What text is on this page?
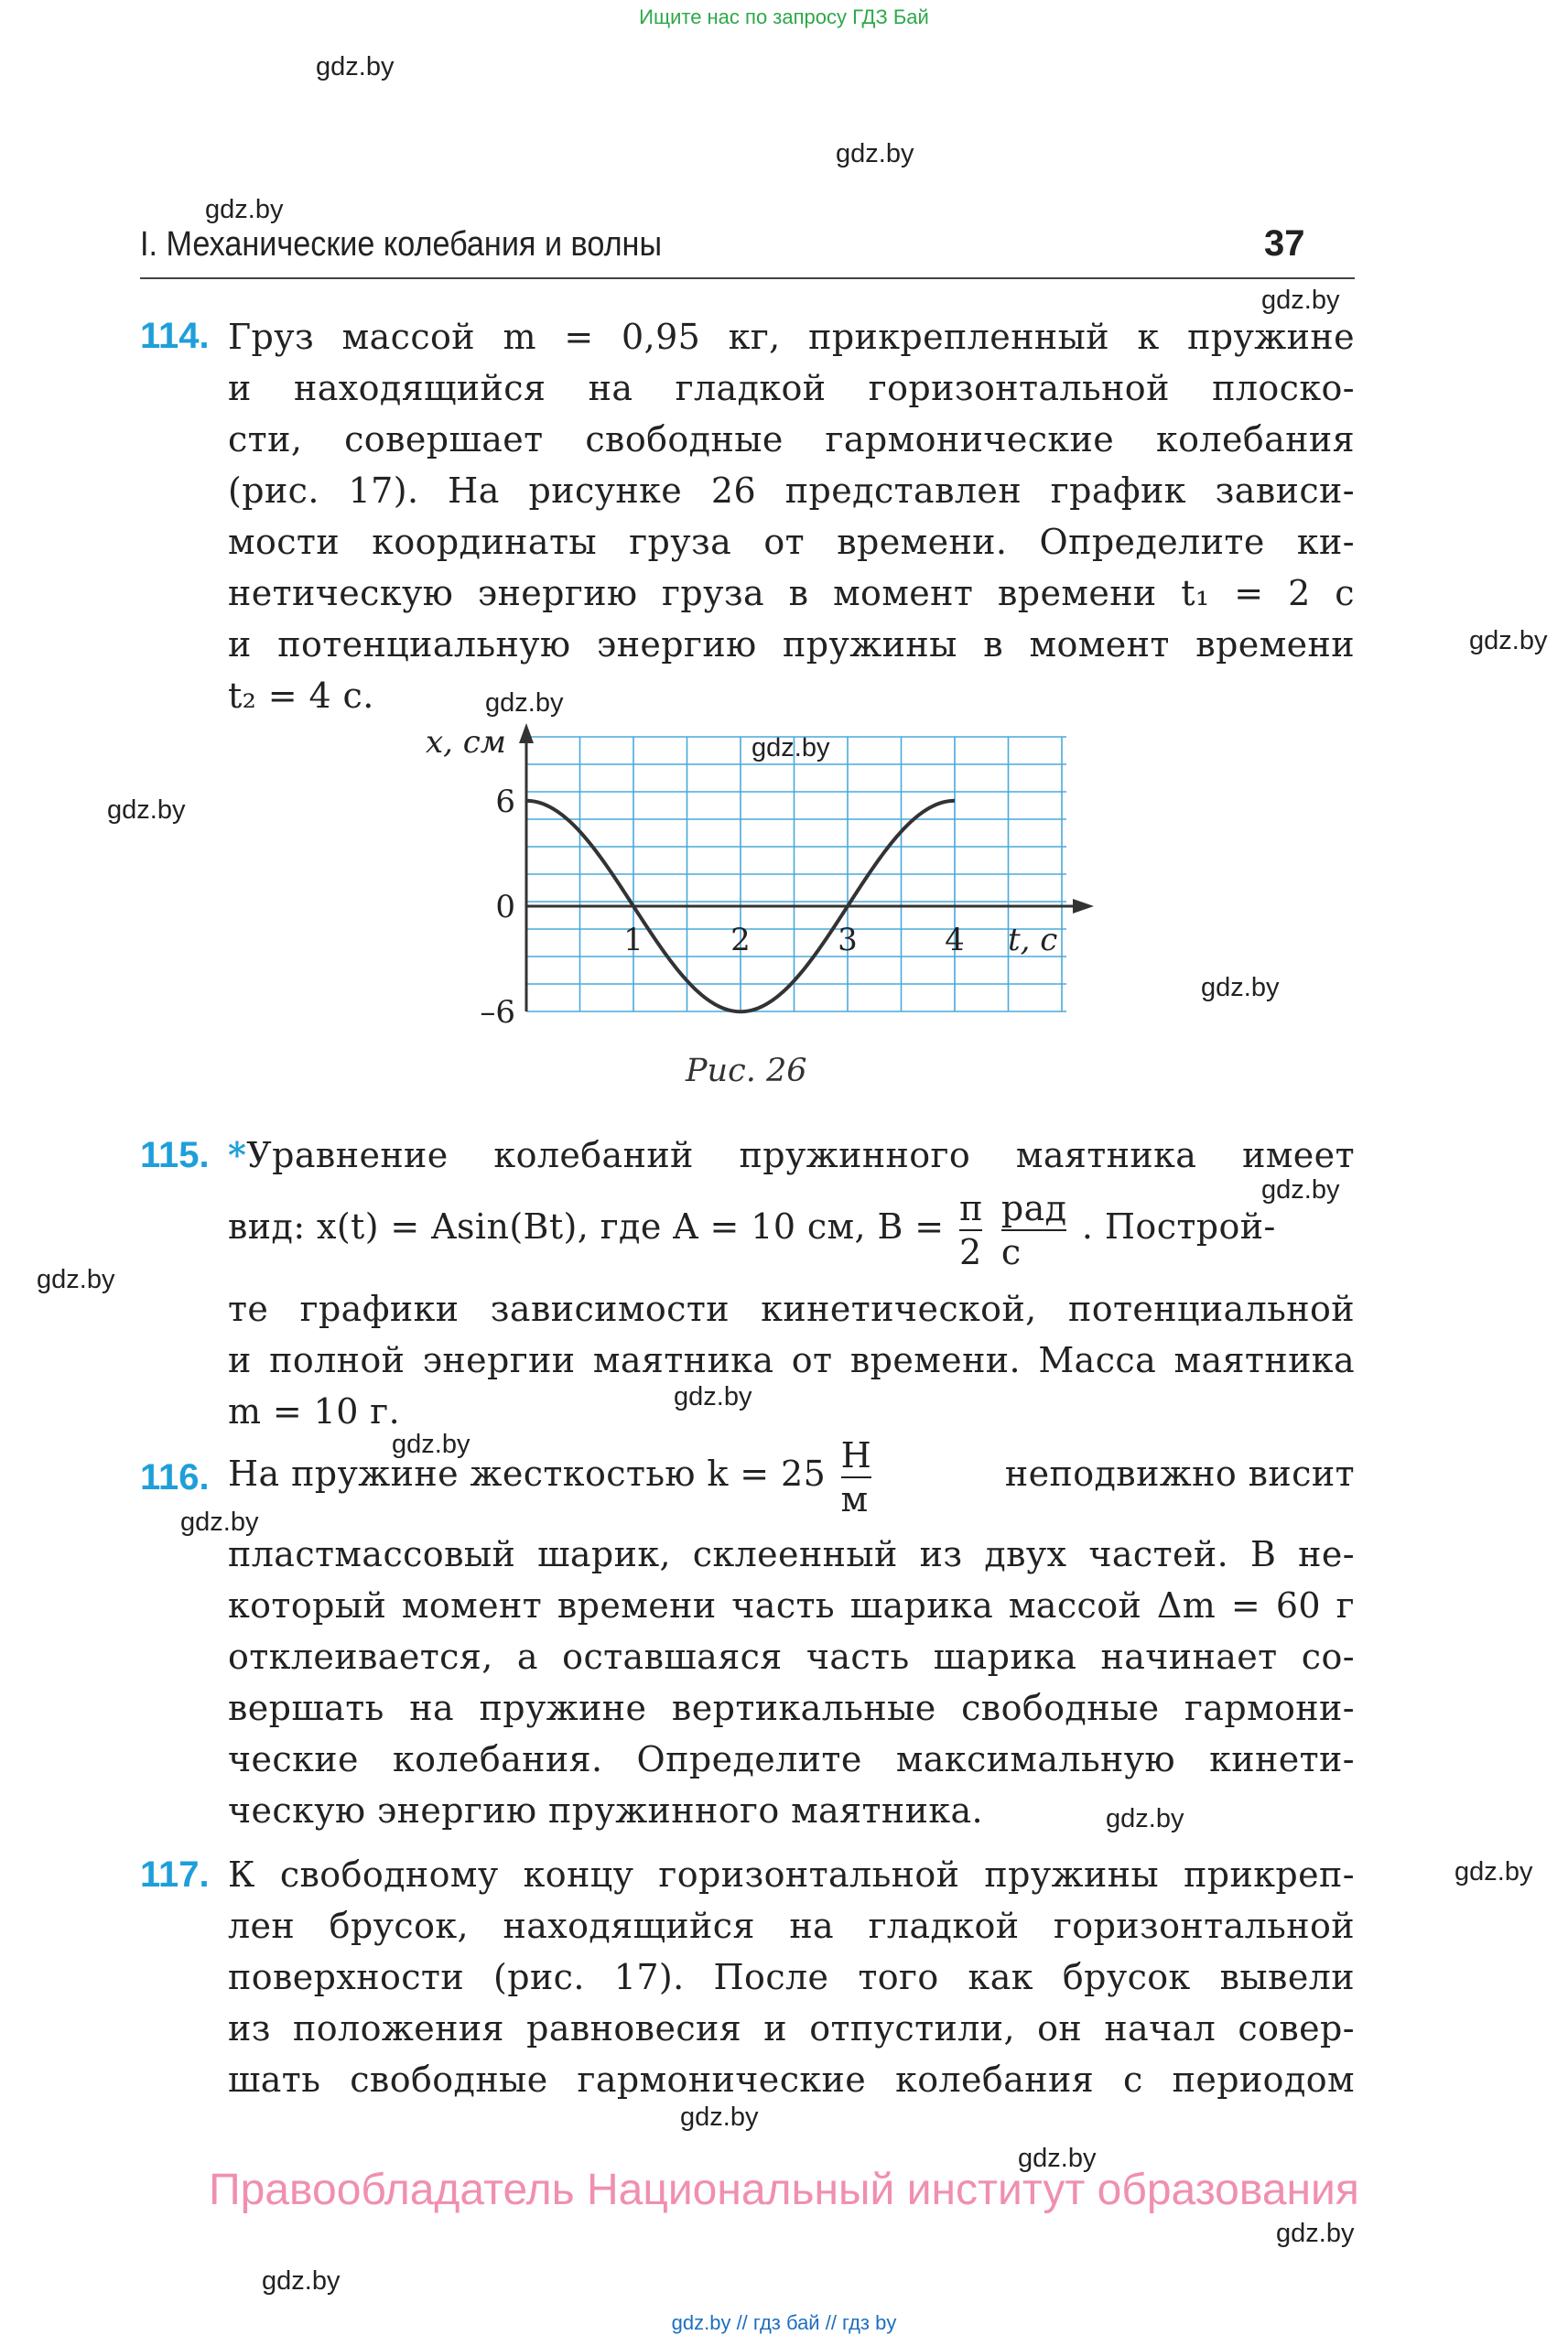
Ищите нас по запросу ГДЗ Бай
gdz.by
gdz.by
gdz.by
gdz.by
gdz.by
gdz.by
gdz.by
gdz.by
gdz.by
gdz.by
gdz.by
gdz.by
gdz.by
gdz.by
gdz.by
gdz.by
gdz.by
gdz.by
gdz.by
gdz.by
I. Механические колебания и волны	37
114. Груз массой m = 0,95 кг, прикрепленный к пружине
и находящийся на гладкой горизонтальной плоско-
сти, совершает свободные гармонические колебания
(рис. 17). На рисунке 26 представлен график зависи-
мости координаты груза от времени. Определите ки-
нетическую энергию груза в момент времени t₁ = 2 с
и потенциальную энергию пружины в момент времени
t₂ = 4 с.
1	2	3	4
6
0
–6
x, см
t, с
Рис. 26
115. *Уравнение колебаний пружинного маятника имеет
вид: x(t) = Asin(Bt), где A = 10 см, $B = \frac{\pi}{2}$
$\frac{\text{рад}}{с}$ . Построй-
те графики зависимости кинетической, потенциальной
и полной энергии маятника от времени. Масса маятника
m = 10 г.
116. На пружине жесткостью $k = 25 \frac{Н}{м}$	неподвижно висит
пластмассовый шарик, склеенный из двух частей. В не-
который момент времени часть шарика массой Δm = 60 г
отклеивается, а оставшаяся часть шарика начинает со-
вершать на пружине вертикальные свободные гармони-
ческие колебания. Определите максимальную кинети-
ческую энергию пружинного маятника.
117. К свободному концу горизонтальной пружины прикреп-
лен брусок, находящийся на гладкой горизонтальной
поверхности (рис. 17). После того как брусок вывели
из положения равновесия и отпустили, он начал совер-
шать свободные гармонические колебания с периодом
Правообладатель Национальный институт образования
gdz.by // гдз бай // гдз by
